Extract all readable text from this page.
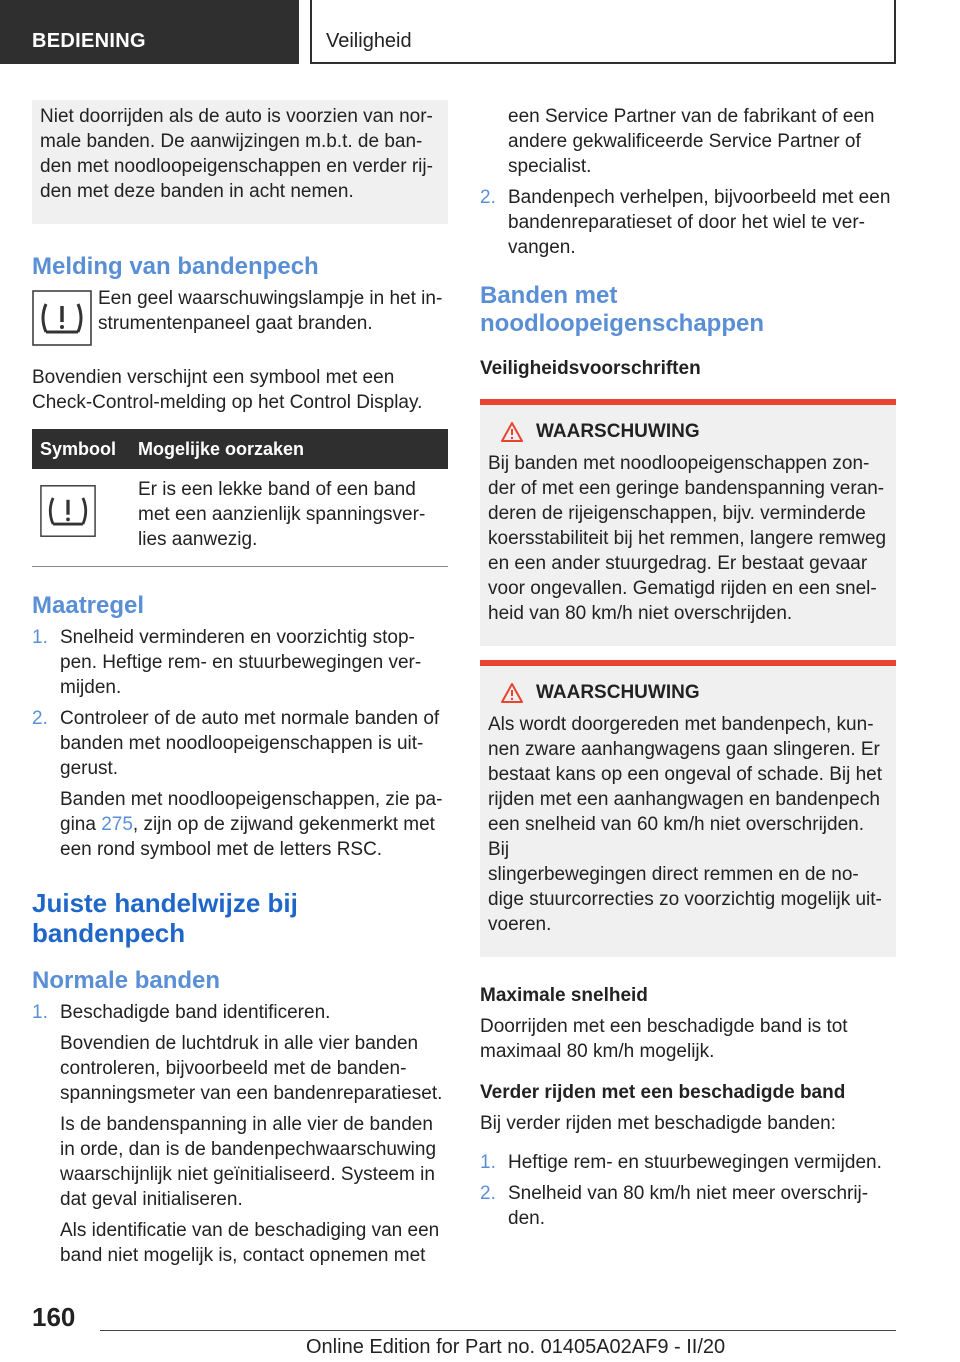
BEDIENING	Veiligheid
Niet doorrijden als de auto is voorzien van nor-
male banden. De aanwijzingen m.b.t. de ban-
den met noodloopeigenschappen en verder rij-
den met deze banden in acht nemen.
Melding van bandenpech
Een geel waarschuwingslampje in het in-
strumentenpaneel gaat branden.
Bovendien verschijnt een symbool met een
Check-Control-melding op het Control Display.
Symbool	Mogelijke oorzaken
	Er is een lekke band of een band
met een aanzienlijk spanningsver-
lies aanwezig.
Maatregel
1. Snelheid verminderen en voorzichtig stop-
pen. Heftige rem- en stuurbewegingen ver-
mijden.
2. Controleer of de auto met normale banden of
banden met noodloopeigenschappen is uit-
gerust.
Banden met noodloopeigenschappen, zie pa-
gina 275, zijn op de zijwand gekenmerkt met
een rond symbool met de letters RSC.
Juiste handelwijze bij
bandenpech
Normale banden
1. Beschadigde band identificeren.
Bovendien de luchtdruk in alle vier banden
controleren, bijvoorbeeld met de banden-
spanningsmeter van een bandenreparatieset.
Is de bandenspanning in alle vier de banden
in orde, dan is de bandenpechwaarschuwing
waarschijnlijk niet geïnitialiseerd. Systeem in
dat geval initialiseren.
Als identificatie van de beschadiging van een
band niet mogelijk is, contact opnemen met
een Service Partner van de fabrikant of een
andere gekwalificeerde Service Partner of
specialist.
2. Bandenpech verhelpen, bijvoorbeeld met een
bandenreparatieset of door het wiel te ver-
vangen.
Banden met
noodloopeigenschappen
Veiligheidsvoorschriften
WAARSCHUWING
Bij banden met noodloopeigenschappen zon-
der of met een geringe bandenspanning veran-
deren de rijeigenschappen, bijv. verminderde
koersstabiliteit bij het remmen, langere remweg
en een ander stuurgedrag. Er bestaat gevaar
voor ongevallen. Gematigd rijden en een snel-
heid van 80 km/h niet overschrijden.
WAARSCHUWING
Als wordt doorgereden met bandenpech, kun-
nen zware aanhangwagens gaan slingeren. Er
bestaat kans op een ongeval of schade. Bij het
rijden met een aanhangwagen en bandenpech
een snelheid van 60 km/h niet overschrijden. Bij
slingerbewegingen direct remmen en de no-
dige stuurcorrecties zo voorzichtig mogelijk uit-
voeren.
Maximale snelheid
Doorrijden met een beschadigde band is tot
maximaal 80 km/h mogelijk.
Verder rijden met een beschadigde band
Bij verder rijden met beschadigde banden:
1. Heftige rem- en stuurbewegingen vermijden.
2. Snelheid van 80 km/h niet meer overschrij-
den.
160
Online Edition for Part no. 01405A02AF9 - II/20
